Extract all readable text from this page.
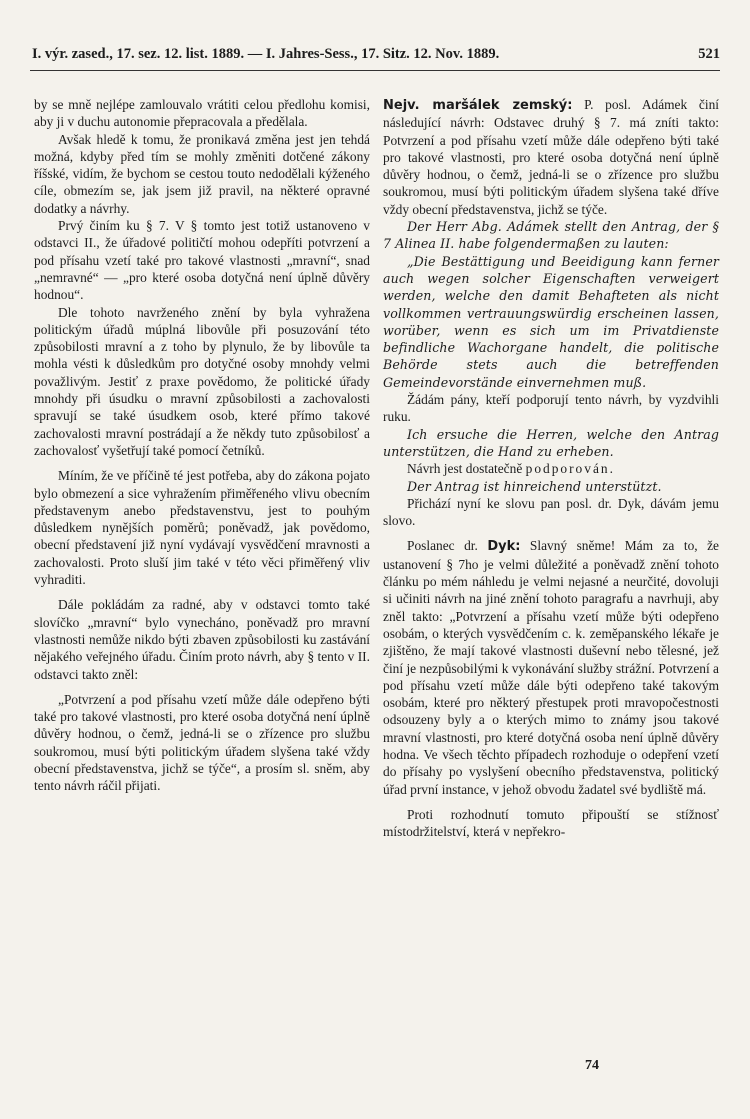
I. výr. zased., 17. sez. 12. list. 1889. — I. Jahres-Sess., 17. Sitz. 12. Nov. 1889.	521

by se mně nejlépe zamlouvalo vrátiti celou předlohu komisi, aby ji v duchu autonomie přepracovala a předělala.

Avšak hledě k tomu, že pronikavá změna jest jen tehdá možná, kdyby před tím se mohly změniti dotčené zákony říšské, vidím, že bychom se cestou touto nedodělali kýženého cíle, obmezím se, jak jsem již pravil, na některé opravné dodatky a návrhy.

Prvý činím ku § 7. V § tomto jest totiž ustanoveno v odstavci II., že úřadové političtí mohou odepříti potvrzení a pod přísahu vzetí také pro takové vlastnosti „mravní“, snad „nemravné“ — „pro které osoba dotyčná není úplně důvěry hodnou“.

Dle tohoto navrženého znění by byla vyhražena politickým úřadů múplná libovůle při posuzování této způsobilosti mravní a z toho by plynulo, že by libovůle ta mohla vésti k důsledkům pro dotyčné osoby mnohdy velmi považlivým. Jestiť z praxe povědomo, že politické úřady mnohdy při úsudku o mravní způsobilosti a zachovalosti spravují se také úsudkem osob, které přímo takové zachovalosti mravní postrádají a že někdy tuto způsobilosť a zachovalosť vyšetřují také pomocí četníků.

Míním, že ve příčině té jest potřeba, aby do zákona pojato bylo obmezení a sice vyhražením přiměřeného vlivu obecním představenym anebo představenstvu, jest to pouhým důsledkem nynějších poměrů; poněvadž, jak povědomo, obecní představení již nyní vydávají vysvědčení mravnosti a zachovalosti. Proto sluší jim také v této věci přiměřený vliv vyhraditi.

Dále pokládám za radné, aby v odstavci tomto také slovíčko „mravní“ bylo vynecháno, poněvadž pro mravní vlastnosti nemůže nikdo býti zbaven způsobilosti ku zastávání nějakého veřejného úřadu. Činím proto návrh, aby § tento v II. odstavci takto zněl:

„Potvrzení a pod přísahu vzetí může dále odepřeno býti také pro takové vlastnosti, pro které osoba dotyčná není úplně důvěry hodnou, o čemž, jedná-li se o zřízence pro službu soukromou, musí býti politickým úřadem slyšena také vždy obecní představenstva, jichž se týče“, a prosím sl. sněm, aby tento návrh ráčil přijati.

Nejv. maršálek zemský: P. posl. Adámek činí následující návrh: Odstavec druhý § 7. má zníti takto: Potvrzení a pod přísahu vzetí může dále odepřeno býti také pro takové vlastnosti, pro které osoba dotyčná není úplně důvěry hodnou, o čemž, jedná-li se o zřízence pro službu soukromou, musí býti politickým úřadem slyšena také dříve vždy obecní představenstva, jichž se týče.

Der Herr Abg. Adámek stellt den Antrag, der § 7 Alinea II. habe folgendermaßen zu lauten:

„Die Bestättigung und Beeidigung kann ferner auch wegen solcher Eigenschaften verweigert werden, welche den damit Behafteten als nicht vollkommen vertrauungswürdig erscheinen lassen, worüber, wenn es sich um im Privatdienste befindliche Wachorgane handelt, die politische Behörde stets auch die betreffenden Gemeindevorstände einvernehmen muß.

Žádám pány, kteří podporují tento návrh, by vyzdvihli ruku.

Ich ersuche die Herren, welche den Antrag unterstützen, die Hand zu erheben.

Návrh jest dostatečně podporován.

Der Antrag ist hinreichend unterstützt.

Přichází nyní ke slovu pan posl. dr. Dyk, dávám jemu slovo.

Poslanec dr. Dyk: Slavný sněme! Mám za to, že ustanovení § 7ho je velmi důležité a poněvadž znění tohoto článku po mém náhledu je velmi nejasné a neurčité, dovoluji si učiniti návrh na jiné znění tohoto paragrafu a navrhuji, aby zněl takto: „Potvrzení a přísahu vzetí může býti odepřeno osobám, o kterých vysvědčením c. k. zeměpanského lékaře je zjištěno, že mají takové vlastnosti duševní nebo tělesné, jež činí je nezpůsobilými k vykonávání služby strážní. Potvrzení a pod přísahu vzetí může dále býti odepřeno také takovým osobám, které pro některý přestupek proti mravopočestnosti odsouzeny byly a o kterých mimo to známy jsou takové mravní vlastnosti, pro které dotyčná osoba není úplně důvěry hodna. Ve všech těchto případech rozhoduje o odepření vzetí do přísahy po vyslyšení obecního představenstva, politický úřad první instance, v jehož obvodu žadatel své bydliště má.

Proti rozhodnutí tomuto připouští se stížnosť místodržitelství, která v nepřekro-

74
